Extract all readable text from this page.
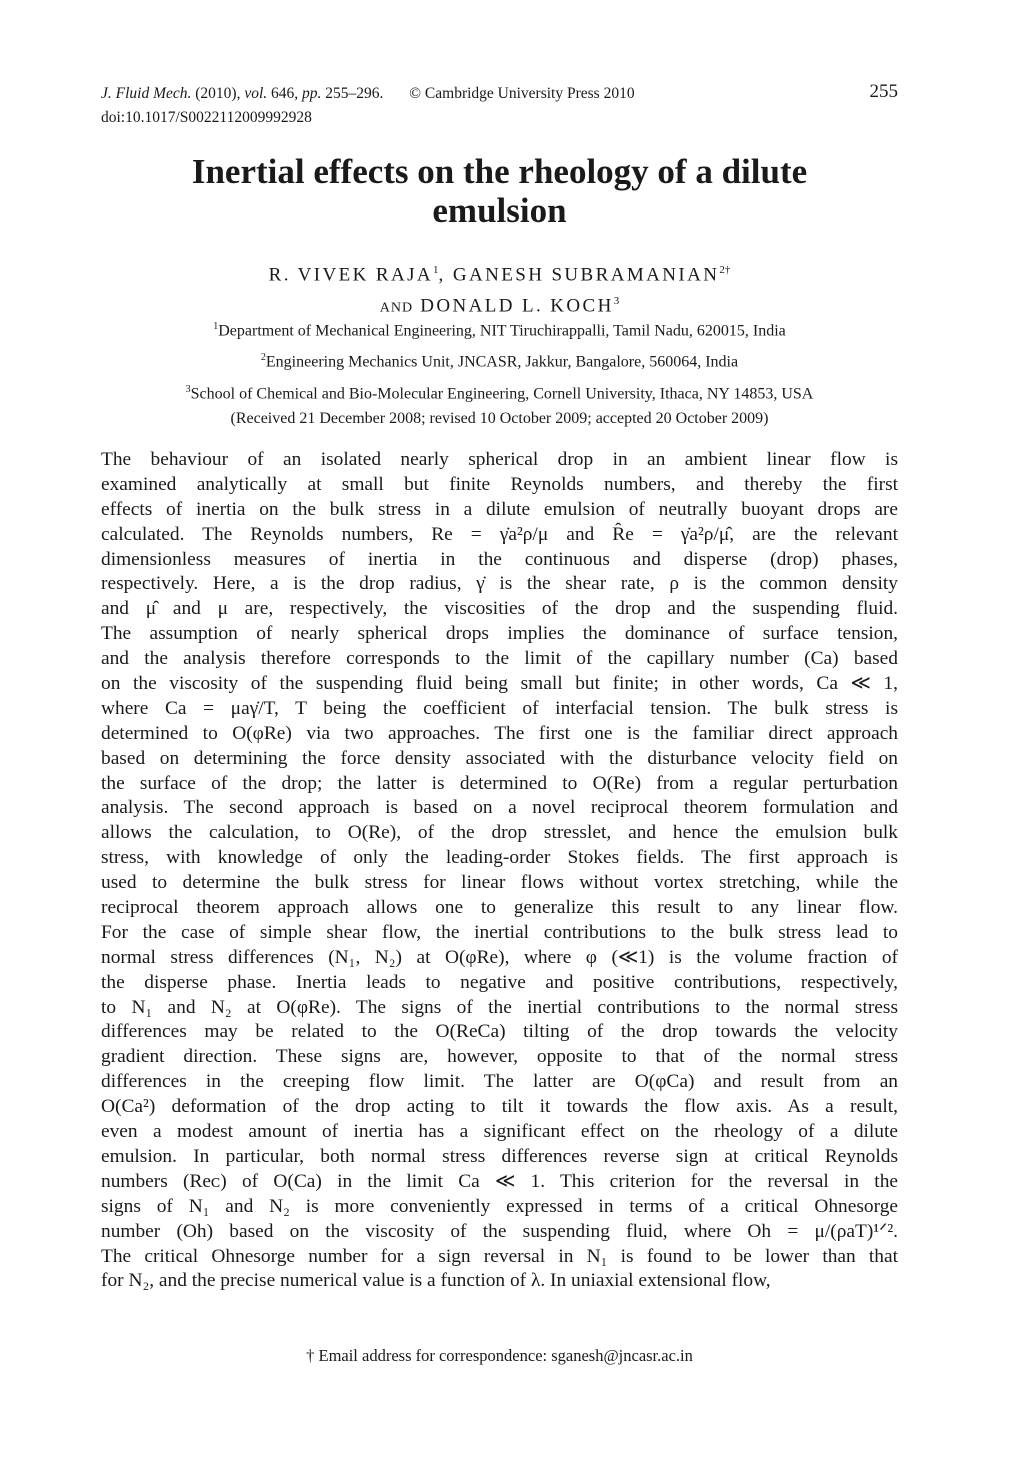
J. Fluid Mech. (2010), vol. 646, pp. 255–296. © Cambridge University Press 2010
doi:10.1017/S0022112009992928
255
Inertial effects on the rheology of a dilute
emulsion
R. VIVEK RAJA$^1$, GANESH $SUBRAMANIAN^{2\dagger}$
AND DONALD L. KOCH$^3$
$^1$Department of Mechanical Engineering, NIT Tiruchirappalli, Tamil Nadu, 620015, India
$^2$Engineering Mechanics Unit, JNCASR, Jakkur, Bangalore, 560064, India
$^3$School of Chemical and Bio-Molecular Engineering, Cornell University, Ithaca, NY 14853, USA
(Received 21 December 2008; revised 10 October 2009; accepted 20 October 2009)
The behaviour of an isolated nearly spherical drop in an ambient linear flow is
examined analytically at small but finite Reynolds numbers, and thereby the first
effects of inertia on the bulk stress in a dilute emulsion of neutrally buoyant drops are
calculated. The Reynolds numbers, Re = γ̇a²ρ/μ and R̂e = γ̇a²ρ/μ̂, are the relevant
dimensionless measures of inertia in the continuous and disperse (drop) phases,
respectively. Here, a is the drop radius, γ̇ is the shear rate, ρ is the common density
and μ̂ and μ are, respectively, the viscosities of the drop and the suspending fluid.
The assumption of nearly spherical drops implies the dominance of surface tension,
and the analysis therefore corresponds to the limit of the capillary number (Ca) based
on the viscosity of the suspending fluid being small but finite; in other words, Ca ≪ 1,
where Ca = μaγ̇/T, T being the coefficient of interfacial tension. The bulk stress is
determined to O(φRe) via two approaches. The first one is the familiar direct approach
based on determining the force density associated with the disturbance velocity field on
the surface of the drop; the latter is determined to O(Re) from a regular perturbation
analysis. The second approach is based on a novel reciprocal theorem formulation and
allows the calculation, to O(Re), of the drop stresslet, and hence the emulsion bulk
stress, with knowledge of only the leading-order Stokes fields. The first approach is
used to determine the bulk stress for linear flows without vortex stretching, while the
reciprocal theorem approach allows one to generalize this result to any linear flow.
For the case of simple shear flow, the inertial contributions to the bulk stress lead to
normal stress differences (N₁, N₂) at O(φRe), where φ (≪1) is the volume fraction of
the disperse phase. Inertia leads to negative and positive contributions, respectively,
to N₁ and N₂ at O(φRe). The signs of the inertial contributions to the normal stress
differences may be related to the O(ReCa) tilting of the drop towards the velocity
gradient direction. These signs are, however, opposite to that of the normal stress
differences in the creeping flow limit. The latter are O(φCa) and result from an
O(Ca²) deformation of the drop acting to tilt it towards the flow axis. As a result,
even a modest amount of inertia has a significant effect on the rheology of a dilute
emulsion. In particular, both normal stress differences reverse sign at critical Reynolds
numbers (Reᴄ) of O(Ca) in the limit Ca ≪ 1. This criterion for the reversal in the
signs of N₁ and N₂ is more conveniently expressed in terms of a critical Ohnesorge
number (Oh) based on the viscosity of the suspending fluid, where Oh = μ/(ρaT)¹ᐟ².
The critical Ohnesorge number for a sign reversal in N₁ is found to be lower than that
for N₂, and the precise numerical value is a function of λ. In uniaxial extensional flow,
† Email address for correspondence: sganesh@jncasr.ac.in
